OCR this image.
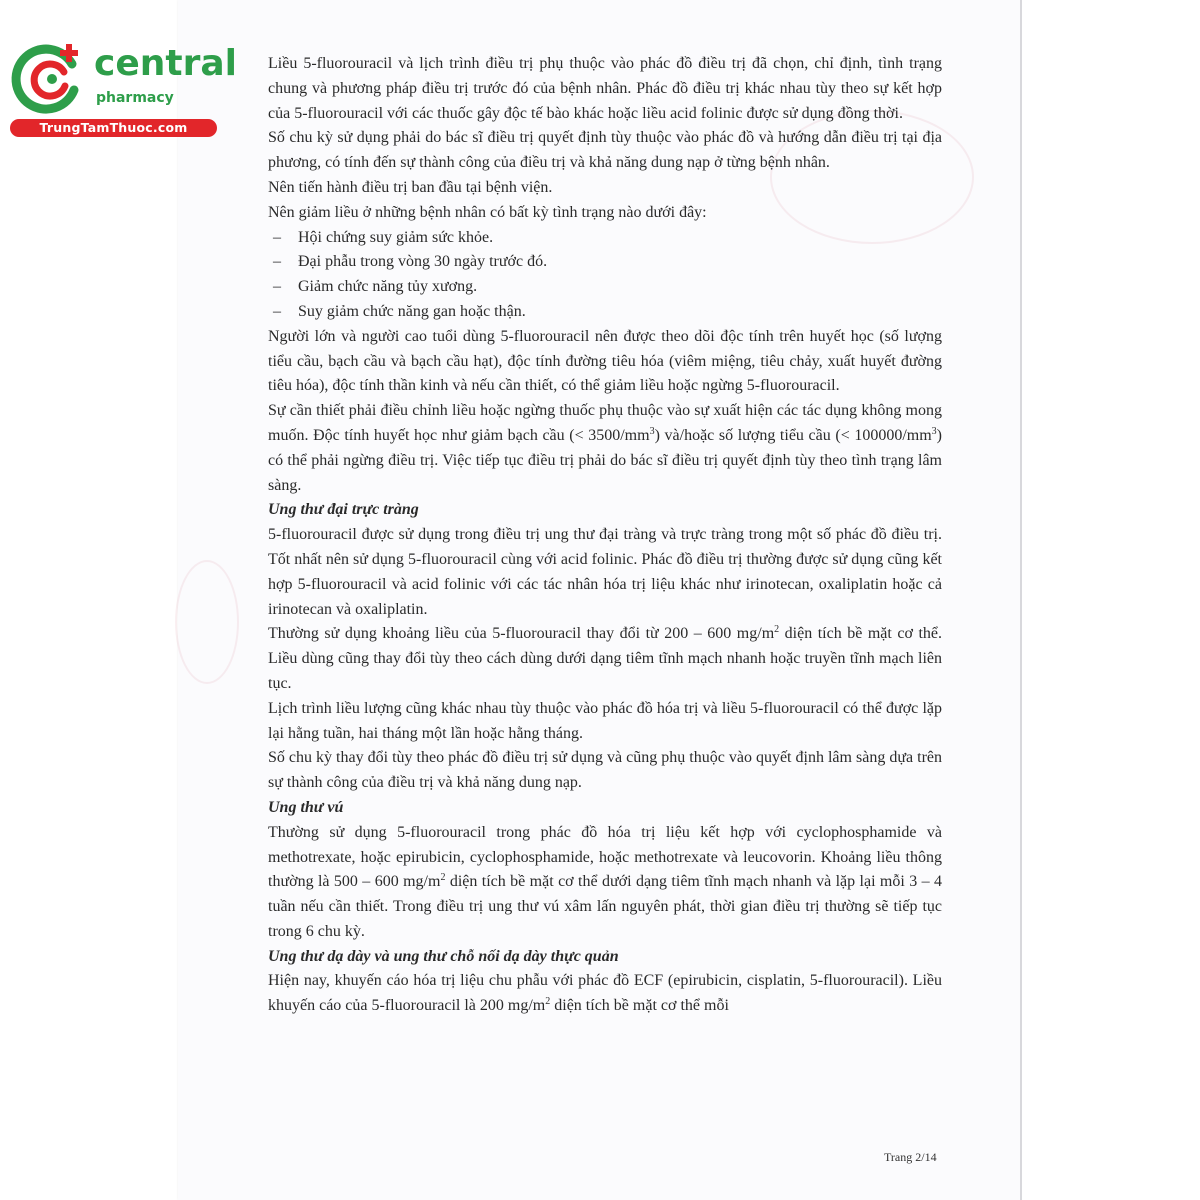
central
pharmacy
TrungTamThuoc.com

Liều 5-fluorouracil và lịch trình điều trị phụ thuộc vào phác đồ điều trị đã chọn, chỉ định, tình trạng chung và phương pháp điều trị trước đó của bệnh nhân. Phác đồ điều trị khác nhau tùy theo sự kết hợp của 5-fluorouracil với các thuốc gây độc tế bào khác hoặc liều acid folinic được sử dụng đồng thời.

Số chu kỳ sử dụng phải do bác sĩ điều trị quyết định tùy thuộc vào phác đồ và hướng dẫn điều trị tại địa phương, có tính đến sự thành công của điều trị và khả năng dung nạp ở từng bệnh nhân.

Nên tiến hành điều trị ban đầu tại bệnh viện.

Nên giảm liều ở những bệnh nhân có bất kỳ tình trạng nào dưới đây:

– Hội chứng suy giảm sức khỏe.
– Đại phẫu trong vòng 30 ngày trước đó.
– Giảm chức năng tủy xương.
– Suy giảm chức năng gan hoặc thận.

Người lớn và người cao tuổi dùng 5-fluorouracil nên được theo dõi độc tính trên huyết học (số lượng tiểu cầu, bạch cầu và bạch cầu hạt), độc tính đường tiêu hóa (viêm miệng, tiêu chảy, xuất huyết đường tiêu hóa), độc tính thần kinh và nếu cần thiết, có thể giảm liều hoặc ngừng 5-fluorouracil.

Sự cần thiết phải điều chỉnh liều hoặc ngừng thuốc phụ thuộc vào sự xuất hiện các tác dụng không mong muốn. Độc tính huyết học như giảm bạch cầu (< $3500/mm^3$) và/hoặc số lượng tiểu cầu (< $100000/mm^3$) có thể phải ngừng điều trị. Việc tiếp tục điều trị phải do bác sĩ điều trị quyết định tùy theo tình trạng lâm sàng.

Ung thư đại trực tràng

5-fluorouracil được sử dụng trong điều trị ung thư đại tràng và trực tràng trong một số phác đồ điều trị. Tốt nhất nên sử dụng 5-fluorouracil cùng với acid folinic. Phác đồ điều trị thường được sử dụng cũng kết hợp 5-fluorouracil và acid folinic với các tác nhân hóa trị liệu khác như irinotecan, oxaliplatin hoặc cả irinotecan và oxaliplatin.

Thường sử dụng khoảng liều của 5-fluorouracil thay đổi từ 200 – 600 $mg/m^2$ diện tích bề mặt cơ thể. Liều dùng cũng thay đổi tùy theo cách dùng dưới dạng tiêm tĩnh mạch nhanh hoặc truyền tĩnh mạch liên tục.

Lịch trình liều lượng cũng khác nhau tùy thuộc vào phác đồ hóa trị và liều 5-fluorouracil có thể được lặp lại hằng tuần, hai tháng một lần hoặc hằng tháng.

Số chu kỳ thay đổi tùy theo phác đồ điều trị sử dụng và cũng phụ thuộc vào quyết định lâm sàng dựa trên sự thành công của điều trị và khả năng dung nạp.

Ung thư vú

Thường sử dụng 5-fluorouracil trong phác đồ hóa trị liệu kết hợp với cyclophosphamide và methotrexate, hoặc epirubicin, cyclophosphamide, hoặc methotrexate và leucovorin. Khoảng liều thông thường là 500 – 600 $mg/m^2$ diện tích bề mặt cơ thể dưới dạng tiêm tĩnh mạch nhanh và lặp lại mỗi 3 – 4 tuần nếu cần thiết. Trong điều trị ung thư vú xâm lấn nguyên phát, thời gian điều trị thường sẽ tiếp tục trong 6 chu kỳ.

Ung thư dạ dày và ung thư chỗ nối dạ dày thực quản

Hiện nay, khuyến cáo hóa trị liệu chu phẫu với phác đồ ECF (epirubicin, cisplatin, 5-fluorouracil). Liều khuyến cáo của 5-fluorouracil là 200 $mg/m^2$ diện tích bề mặt cơ thể mỗi

Trang 2/14
